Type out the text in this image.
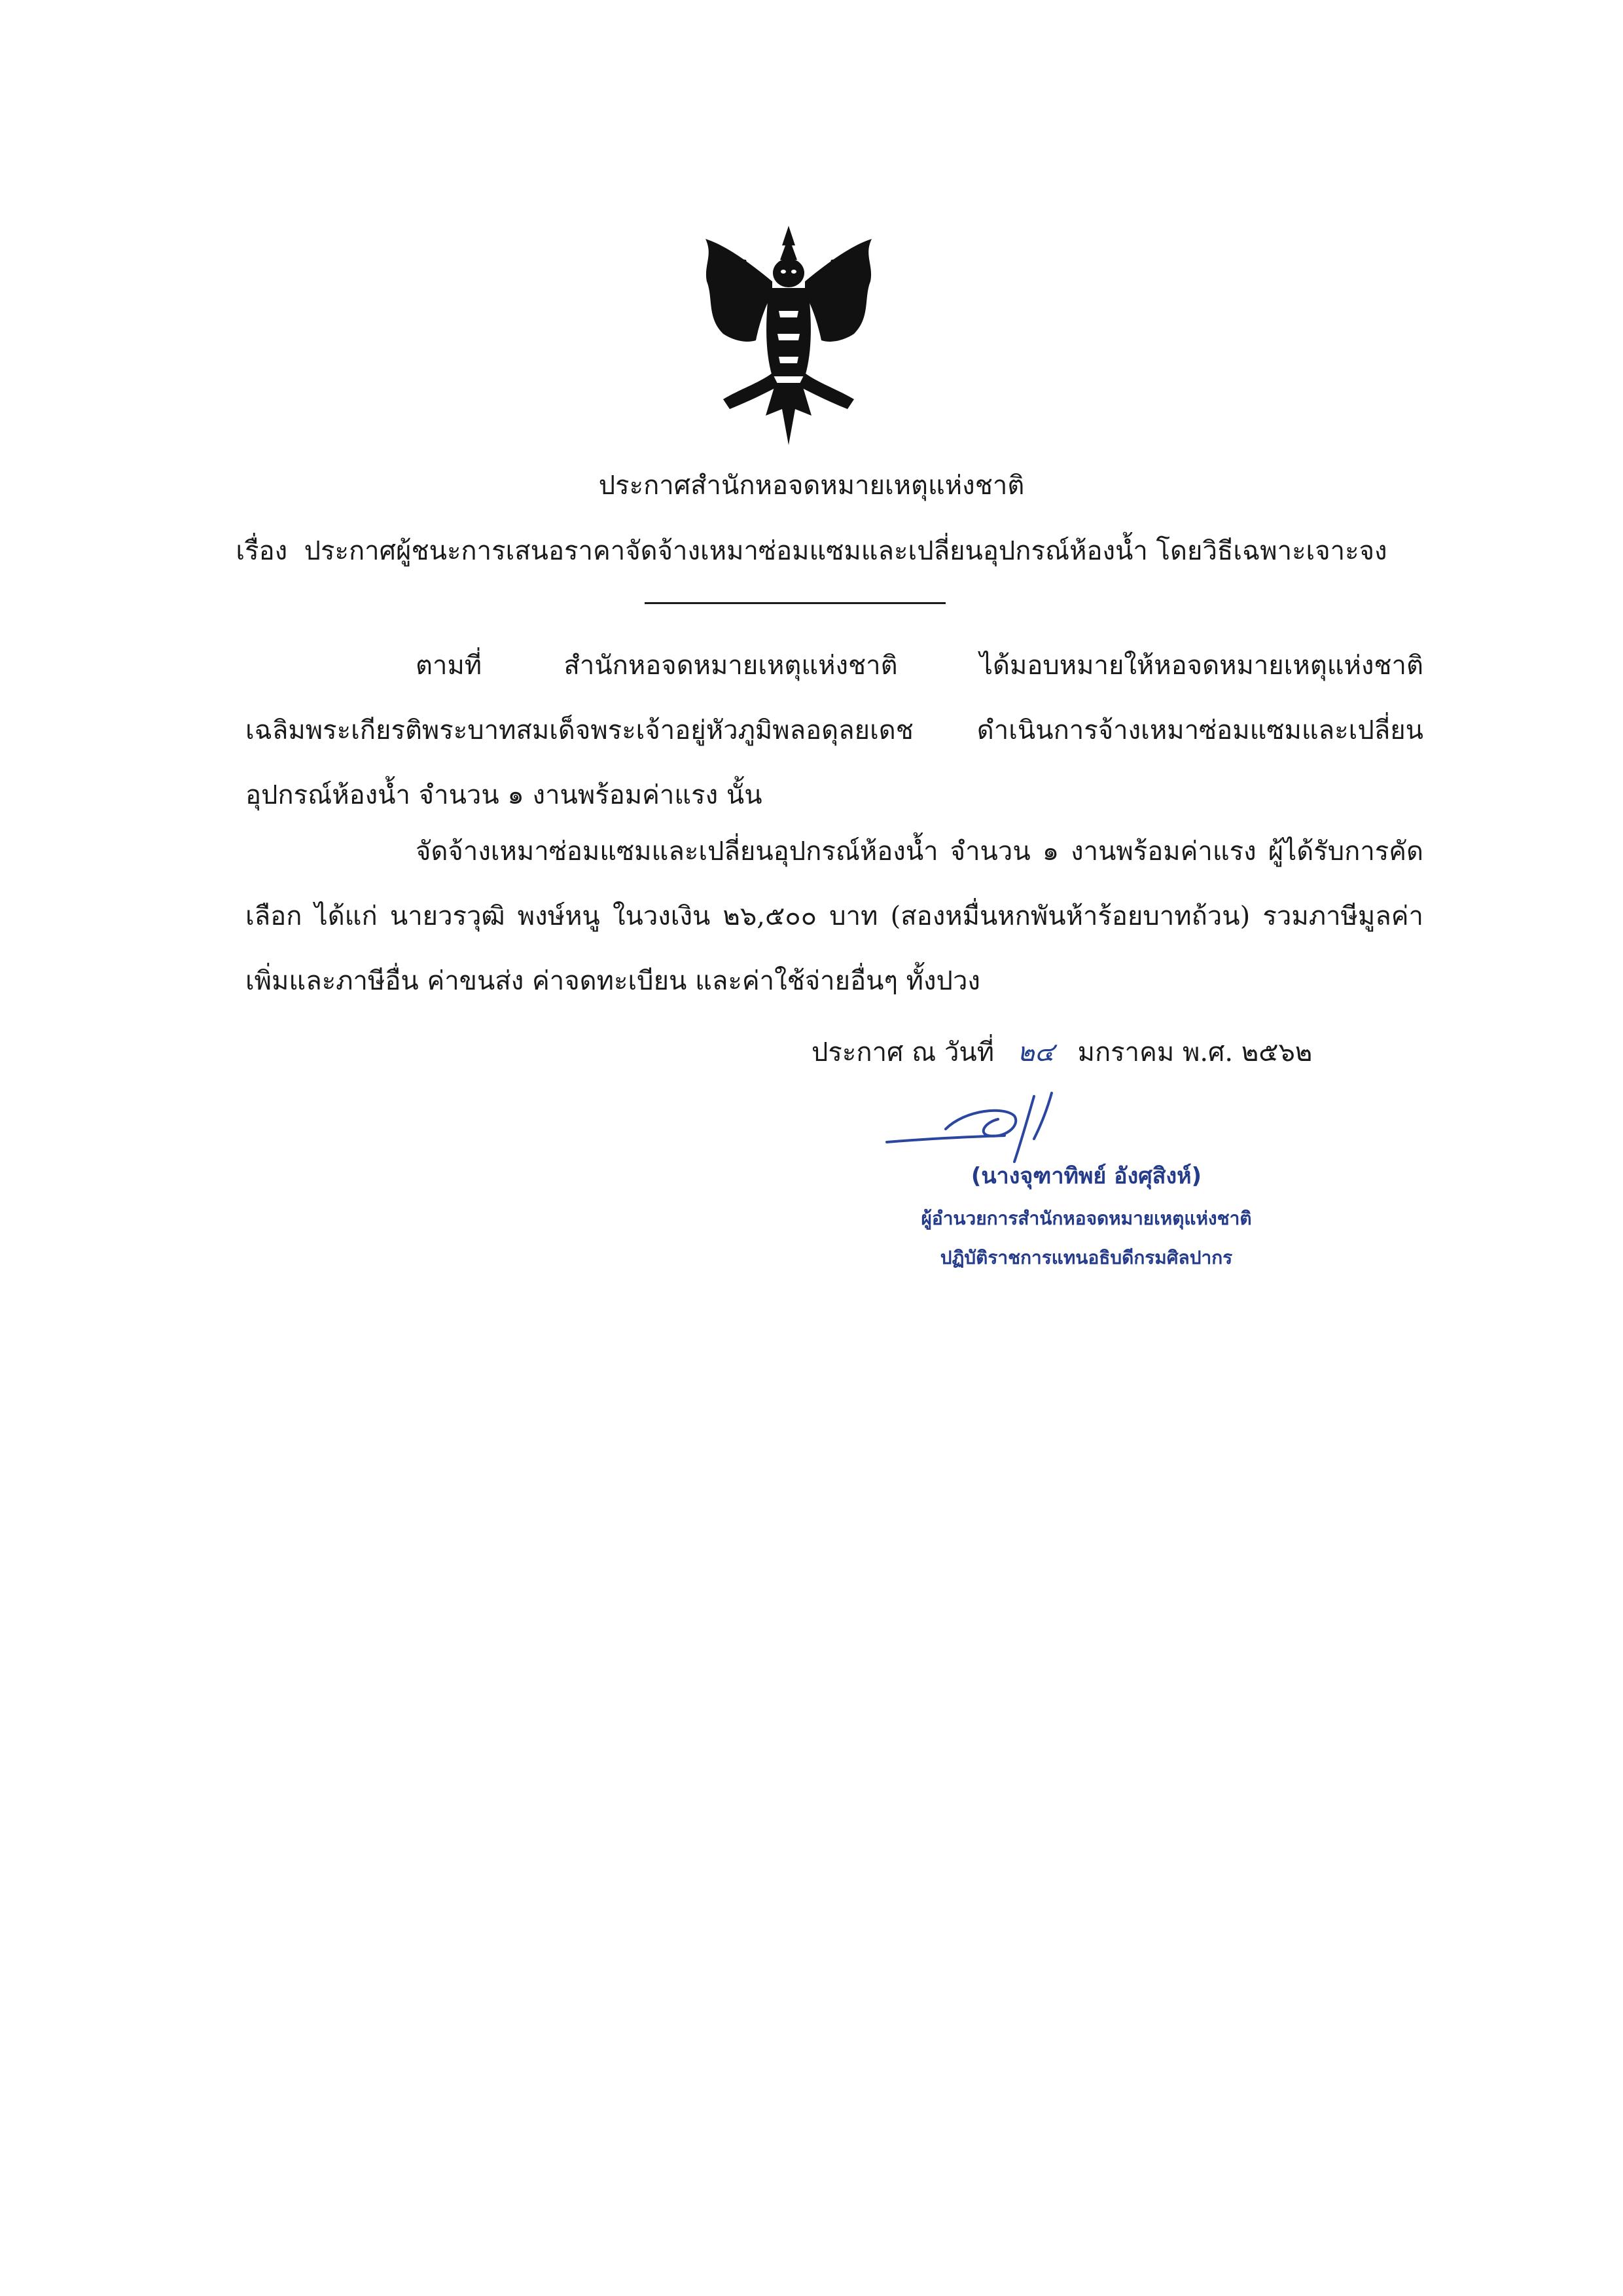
ประกาศสำนักหอจดหมายเหตุแห่งชาติ
เรื่อง ประกาศผู้ชนะการเสนอราคาจัดจ้างเหมาซ่อมแซมและเปลี่ยนอุปกรณ์ห้องน้ำ โดยวิธีเฉพาะเจาะจง

ตามที่ สำนักหอจดหมายเหตุแห่งชาติ ได้มอบหมายให้หอจดหมายเหตุแห่งชาติเฉลิมพระเกียรติพระบาทสมเด็จพระเจ้าอยู่หัวภูมิพลอดุลยเดช ดำเนินการจ้างเหมาซ่อมแซมและเปลี่ยนอุปกรณ์ห้องน้ำ จำนวน ๑ งานพร้อมค่าแรง นั้น

จัดจ้างเหมาซ่อมแซมและเปลี่ยนอุปกรณ์ห้องน้ำ จำนวน ๑ งานพร้อมค่าแรง ผู้ได้รับการคัดเลือก ได้แก่ นายวรวุฒิ พงษ์หนู ในวงเงิน ๒๖,๕๐๐ บาท (สองหมื่นหกพันห้าร้อยบาทถ้วน) รวมภาษีมูลค่าเพิ่มและภาษีอื่น ค่าขนส่ง ค่าจดทะเบียน และค่าใช้จ่ายอื่นๆ ทั้งปวง

ประกาศ ณ วันที่ ๒๔ มกราคม พ.ศ. ๒๕๖๒
(นางจุฑาทิพย์ อังศุสิงห์)
ผู้อำนวยการสำนักหอจดหมายเหตุแห่งชาติ
ปฏิบัติราชการแทนอธิบดีกรมศิลปากร
